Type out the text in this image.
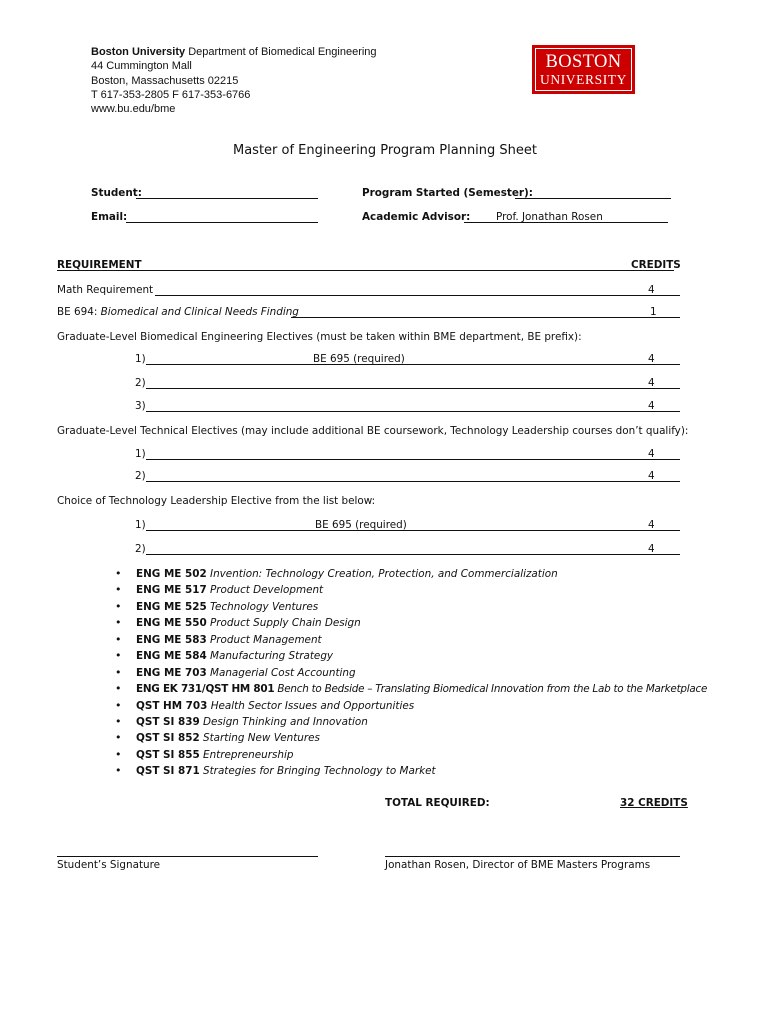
Boston University Department of Biomedical Engineering
44 Cummington Mall
Boston, Massachusetts 02215
T 617-353-2805 F 617-353-6766
www.bu.edu/bme
BOSTON
UNIVERSITY
Master of Engineering Program Planning Sheet
Student:	Program Started (Semester):
Email:	Academic Advisor: Prof. Jonathan Rosen
REQUIREMENT	CREDITS
Math Requirement	4
BE 694: Biomedical and Clinical Needs Finding	1
Graduate-Level Biomedical Engineering Electives (must be taken within BME department, BE prefix):
1)	BE 695 (required)	4
2)	4
3)	4
Graduate-Level Technical Electives (may include additional BE coursework, Technology Leadership courses don’t qualify):
1)	4
2)	4
Choice of Technology Leadership Elective from the list below:
1)	BE 695 (required)	4
2)	4
• ENG ME 502 Invention: Technology Creation, Protection, and Commercialization
• ENG ME 517 Product Development
• ENG ME 525 Technology Ventures
• ENG ME 550 Product Supply Chain Design
• ENG ME 583 Product Management
• ENG ME 584 Manufacturing Strategy
• ENG ME 703 Managerial Cost Accounting
• ENG EK 731/QST HM 801 Bench to Bedside – Translating Biomedical Innovation from the Lab to the Marketplace
• QST HM 703 Health Sector Issues and Opportunities
• QST SI 839 Design Thinking and Innovation
• QST SI 852 Starting New Ventures
• QST SI 855 Entrepreneurship
• QST SI 871 Strategies for Bringing Technology to Market
TOTAL REQUIRED:	32 CREDITS
Student’s Signature	Jonathan Rosen, Director of BME Masters Programs
